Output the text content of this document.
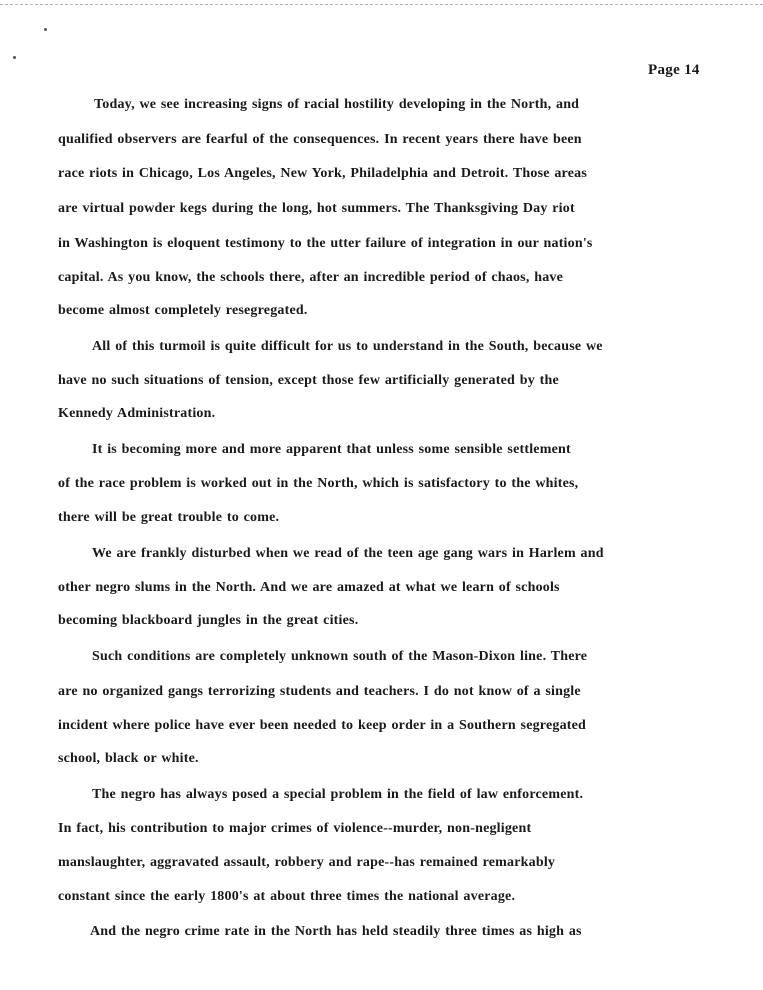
Page 14
Today, we see increasing signs of racial hostility developing in the North, and
qualified observers are fearful of the consequences. In recent years there have been
race riots in Chicago, Los Angeles, New York, Philadelphia and Detroit. Those areas
are virtual powder kegs during the long, hot summers. The Thanksgiving Day riot
in Washington is eloquent testimony to the utter failure of integration in our nation's
capital. As you know, the schools there, after an incredible period of chaos, have
become almost completely resegregated.
All of this turmoil is quite difficult for us to understand in the South, because we
have no such situations of tension, except those few artificially generated by the
Kennedy Administration.
It is becoming more and more apparent that unless some sensible settlement
of the race problem is worked out in the North, which is satisfactory to the whites,
there will be great trouble to come.
We are frankly disturbed when we read of the teen age gang wars in Harlem and
other negro slums in the North. And we are amazed at what we learn of schools
becoming blackboard jungles in the great cities.
Such conditions are completely unknown south of the Mason-Dixon line. There
are no organized gangs terrorizing students and teachers. I do not know of a single
incident where police have ever been needed to keep order in a Southern segregated
school, black or white.
The negro has always posed a special problem in the field of law enforcement.
In fact, his contribution to major crimes of violence--murder, non-negligent
manslaughter, aggravated assault, robbery and rape--has remained remarkably
constant since the early 1800's at about three times the national average.
And the negro crime rate in the North has held steadily three times as high as
